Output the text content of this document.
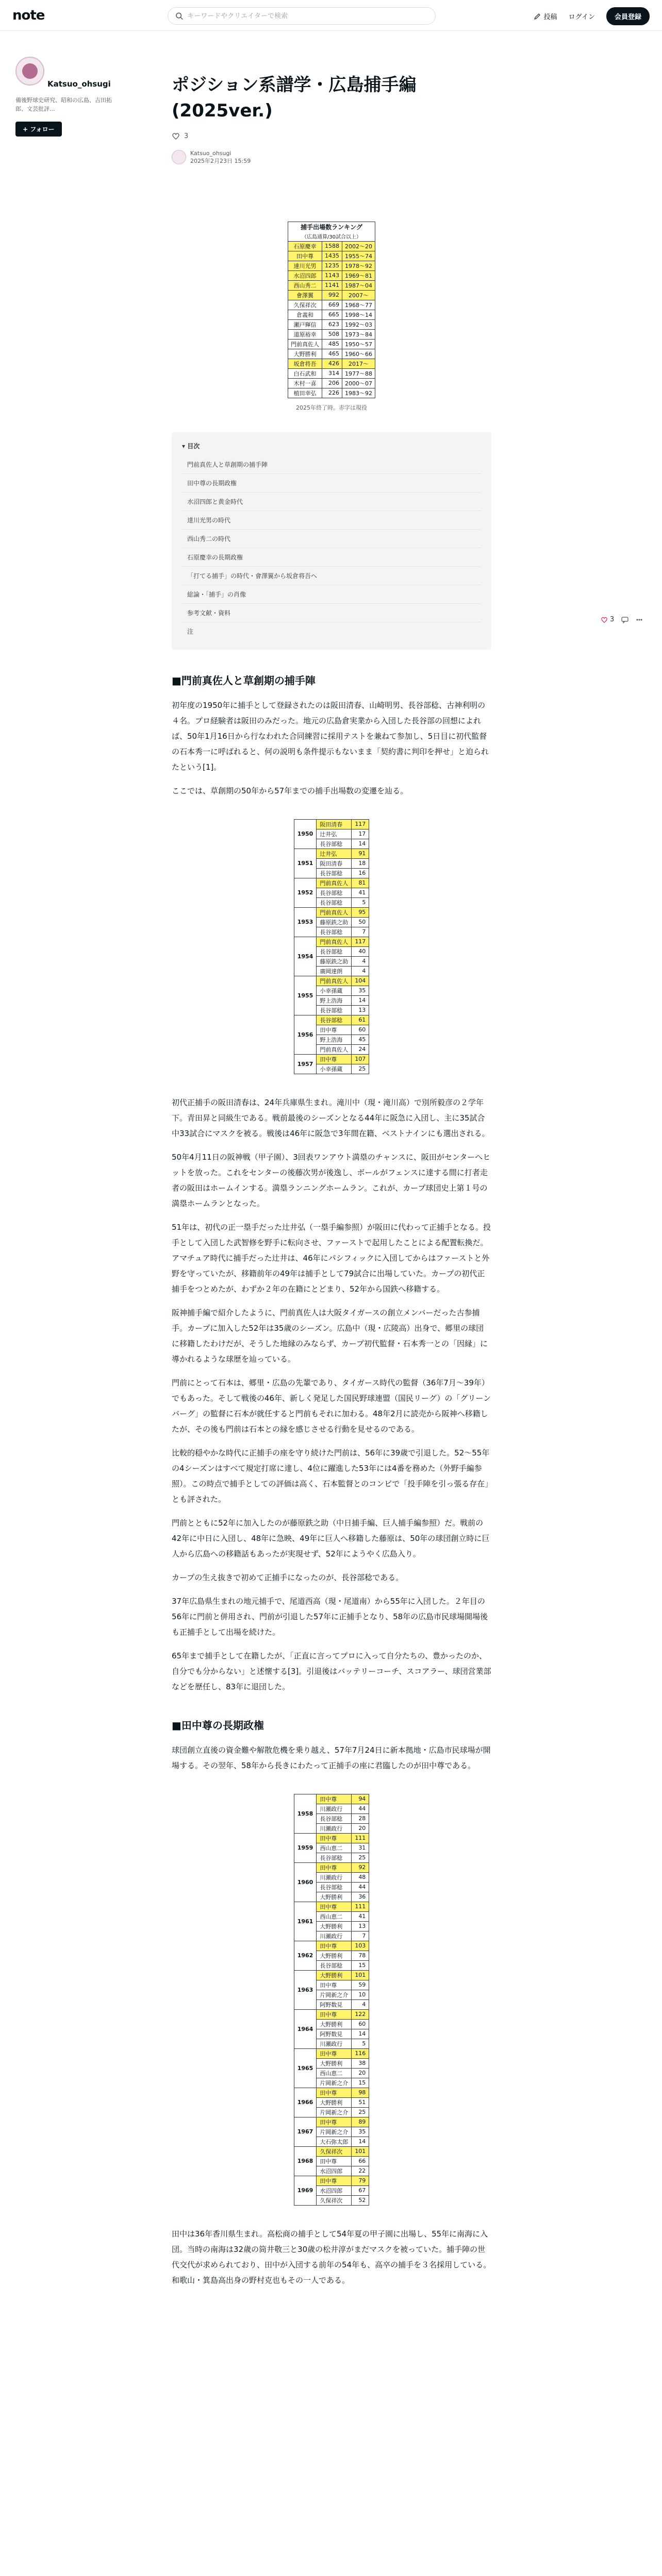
note
キーワードやクリエイターで検索	投稿 ログイン	会員登録
Katsuo_ohsugi
備後野球史研究、昭和の広島、吉田拓郎、文芸批評...
+ フォロー
ポジション系譜学・広島捕手編(2025ver.)
3
Katsuo_ohsugi
2025年2月23日 15:59
捕手出場数ランキング		
（広島通算/30試合以上）		
石原慶幸	1588	2002〜20
田中尊	1435	1955〜74
達川光男	1235	1978〜92
水沼四郎	1143	1969〜81
西山秀二	1141	1987〜04
會澤翼	992	2007〜
久保祥次	669	1968〜77
倉義和	665	1998〜14
瀬戸輝信	623	1992〜03
道原裕幸	508	1973〜84
門前真佐人	485	1950〜57
大野勝利	465	1960〜66
坂倉将吾	426	2017〜
白石武和	314	1977〜88
木村一喜	206	2000〜07
植田幸弘	226	1983〜92
2025年終了時。赤字は現役
▾ 目次
門前真佐人と草創期の捕手陣
田中尊の長期政権
水沼四郎と黄金時代
達川光男の時代
西山秀二の時代
石原慶幸の長期政権
「打てる捕手」の時代・會澤翼から坂倉将吾へ
総論・「捕手」の肖像
参考文献・資料
注
■門前真佐人と草創期の捕手陣

初年度の1950年に捕手として登録されたのは阪田清春、山崎明男、長谷部稔、古神利明の４名。プロ経験者は阪田のみだった。地元の広島倉実業から入団した長谷部の回想によれば、50年1月16日から行なわれた合同練習に採用テストを兼ねて参加し、5日目に初代監督の石本秀一に呼ばれると、何の説明も条件提示もないまま「契約書に判印を押せ」と迫られたという[1]。

ここでは、草創期の50年から57年までの捕手出場数の変遷を辿る。

1950	阪田清春	117
	辻井弘	17
	長谷部稔	14
1951	辻井弘	91
	阪田清春	18
	長谷部稔	16
1952	門前真佐人	81
	長谷部稔	41
	長谷部稔	5
1953	門前真佐人	95
	藤原鉄之助	50
	長谷部稔	7
1954	門前真佐人	117
	長谷部稔	40
	藤原鉄之助	4
	廣岡達朗	4
1955	門前真佐人	104
	小幸孫蔵	35
	野上浩海	14
	長谷部稔	13
1956	長谷部稔	61
	田中尊	60
	野上浩海	45
	門前真佐人	24
1957	田中尊	107
	小幸孫蔵	25

初代正捕手の阪田清春は、24年兵庫県生まれ。滝川中（現・滝川高）で別所毅彦の２学年下。青田昇と同級生である。戦前最後のシーズンとなる44年に阪急に入団し、主に35試合中33試合にマスクを被る。戦後は46年に阪急で3年間在籍、ベストナインにも選出される。

50年4月11日の阪神戦（甲子園）、3回表ワンアウト満塁のチャンスに、阪田がセンターへヒットを放った。これをセンターの後藤次男が後逸し、ボールがフェンスに達する間に打者走者の阪田はホームインする。満塁ランニングホームラン。これが、カープ球団史上第１号の満塁ホームランとなった。

51年は、初代の正一塁手だった辻井弘（一塁手編参照）が阪田に代わって正捕手となる。投手として入団した武智修を野手に転向させ、ファーストで起用したことによる配置転換だ。アマチュア時代に捕手だった辻井は、46年にパシフィックに入団してからはファーストと外野を守っていたが、移籍前年の49年は捕手として79試合に出場していた。カープの初代正捕手をつとめたが、わずか２年の在籍にとどまり、52年から国鉄へ移籍する。

阪神捕手編で紹介したように、門前真佐人は大阪タイガースの創立メンバーだった古参捕手。カープに加入した52年は35歳のシーズン。広島中（現・広陵高）出身で、郷里の球団に移籍したわけだが、そうした地縁のみならず、カープ初代監督・石本秀一との「因縁」に導かれるような球歴を辿っている。

門前にとって石本は、郷里・広島の先輩であり、タイガース時代の監督（36年7月〜39年）でもあった。そして戦後の46年、新しく発足した国民野球連盟（国民リーグ）の「グリーンバーグ」の監督に石本が就任すると門前もそれに加わる。48年2月に読売から阪神へ移籍したが、その後も門前は石本との縁を感じさせる行動を見せるのである。

比較的穏やかな時代に正捕手の座を守り続けた門前は、56年に39歳で引退した。52〜55年の4シーズンはすべて規定打席に達し、4位に躍進した53年には4番を務めた（外野手編参照）。この時点で捕手としての評価は高く、石本監督とのコンビで「投手陣を引っ張る存在」とも評された。

門前とともに52年に加入したのが藤原鉄之助（中日捕手編、巨人捕手編参照）だ。戦前の42年に中日に入団し、48年に急映、49年に巨人へ移籍した藤原は、50年の球団創立時に巨人から広島への移籍話もあったが実現せず、52年にようやく広島入り。

カープの生え抜きで初めて正捕手になったのが、長谷部稔である。

37年広島県生まれの地元捕手で、尾道西高（現・尾道南）から55年に入団した。２年目の56年に門前と併用され、門前が引退した57年に正捕手となり、58年の広島市民球場開場後も正捕手として出場を続けた。

65年まで捕手として在籍したが、「正直に言ってプロに入って自分たちの、豊かったのか、自分でも分からない」と述懐する[3]。引退後はバッテリーコーチ、スコアラー、球団営業部などを歴任し、83年に退団した。

■田中尊の長期政権

球団創立直後の資金難や解散危機を乗り越え、57年7月24日に新本拠地・広島市民球場が開場する。その翌年、58年から長きにわたって正捕手の座に君臨したのが田中尊である。

1958	田中尊	94
	川瀬政行	44
	長谷部稔	28
	川瀬政行	20
1959	田中尊	111
	西山恵二	31
	長谷部稔	25
1960	田中尊	92
	川瀬政行	48
	長谷部稔	44
	大野勝利	36
1961	田中尊	111
	西山恵二	41
	大野勝利	13
	川瀬政行	7
1962	田中尊	103
	大野勝利	78
	長谷部稔	15
1963	大野勝利	101
	田中尊	59
	片岡新之介	10
	阿野数見	4
1964	田中尊	122
	大野勝利	60
	阿野数見	14
	川瀬政行	5
1965	田中尊	116
	大野勝利	38
	西山恵二	20
	片岡新之介	15
1966	田中尊	98
	大野勝利	51
	片岡新之介	25
1967	田中尊	89
	片岡新之介	35
	大石弥太郎	14
1968	久保祥次	101
	田中尊	66
	水沼四郎	22
1969	田中尊	79
	水沼四郎	67
	久保祥次	52

田中は36年香川県生まれ。高松商の捕手として54年夏の甲子園に出場し、55年に南海に入団。当時の南海は32歳の筒井敬三と30歳の松井淳がまだマスクを被っていた。捕手陣の世代交代が求められており、田中が入団する前年の54年も、高卒の捕手を３名採用している。和歌山・箕島高出身の野村克也もその一人である。

3
